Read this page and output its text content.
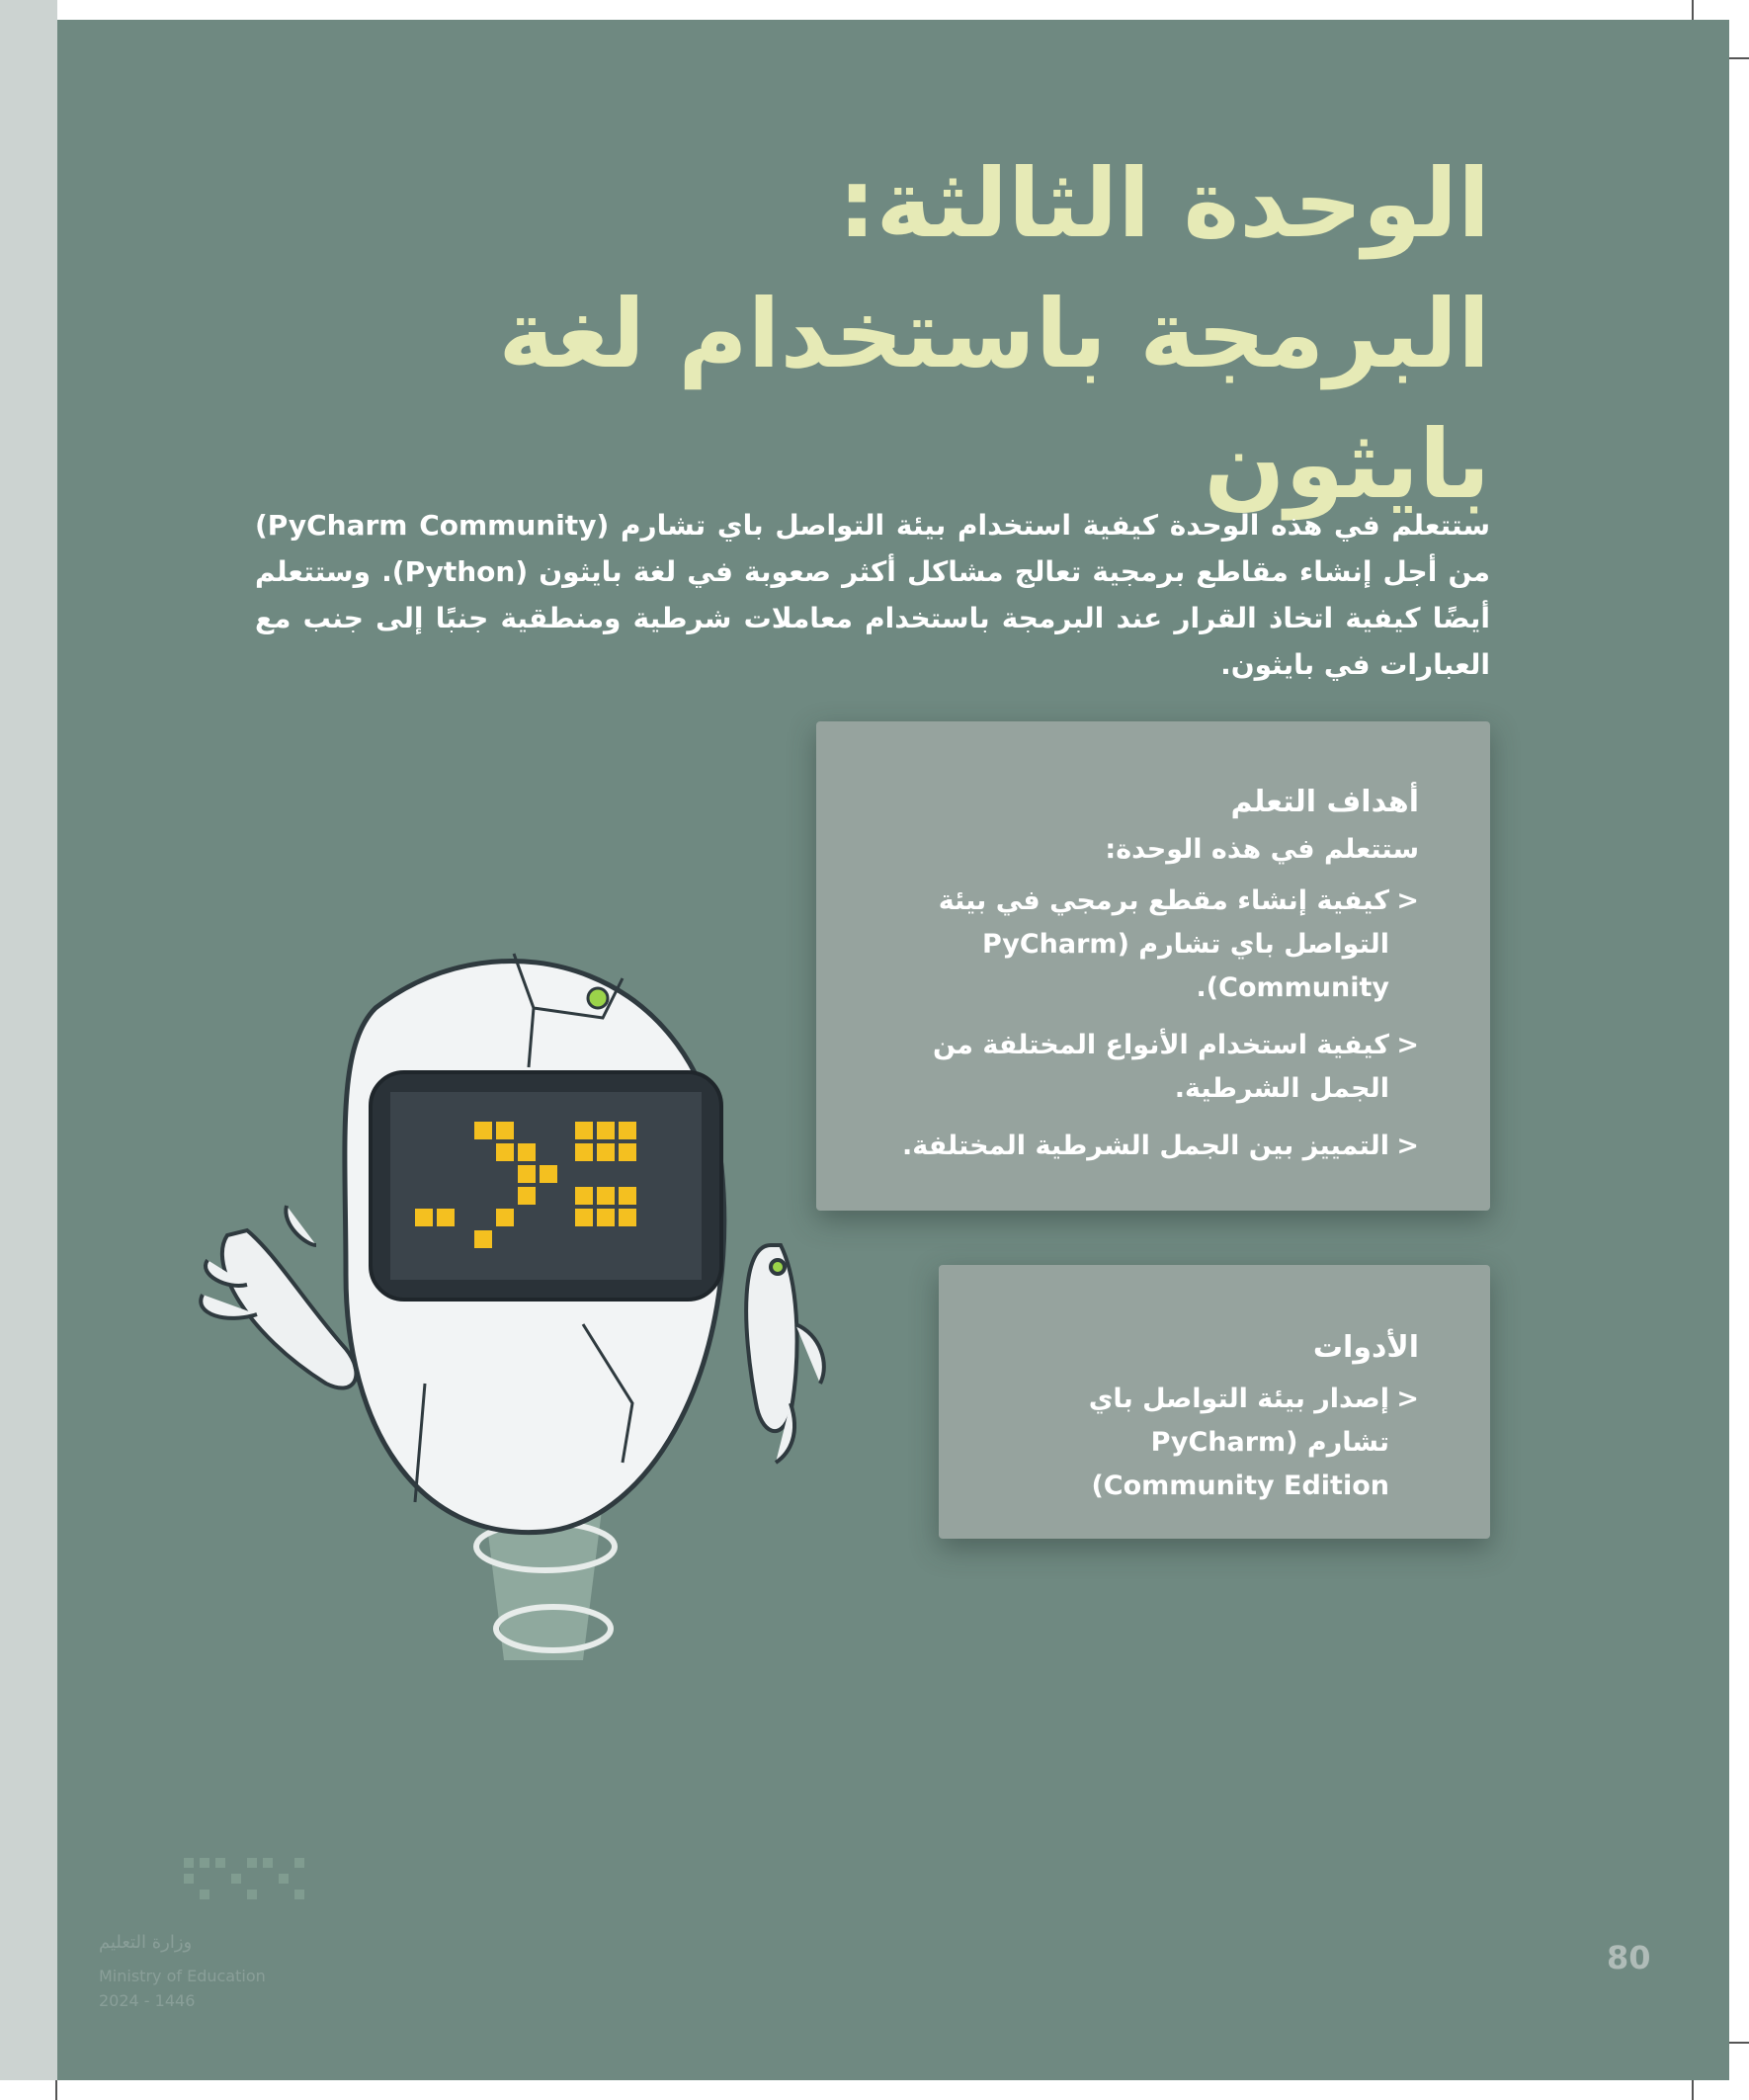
الوحدة الثالثة:
البرمجة باستخدام لغة بايثون

ستتعلم في هذه الوحدة كيفية استخدام بيئة التواصل باي تشارم (PyCharm Community) من أجل إنشاء مقاطع برمجية تعالج مشاكل أكثر صعوبة في لغة بايثون (Python). وستتعلم أيضًا كيفية اتخاذ القرار عند البرمجة باستخدام معاملات شرطية ومنطقية جنبًا إلى جنب مع العبارات في بايثون.

أهداف التعلم

ستتعلم في هذه الوحدة:

< كيفية إنشاء مقطع برمجي في بيئة التواصل باي تشارم (PyCharm Community).
< كيفية استخدام الأنواع المختلفة من الجمل الشرطية.
< التمييز بين الجمل الشرطية المختلفة.
الأدوات
< إصدار بيئة التواصل باي تشارم (PyCharm Community Edition)
وزارة التعليم
Ministry of Education
2024 - 1446
80
